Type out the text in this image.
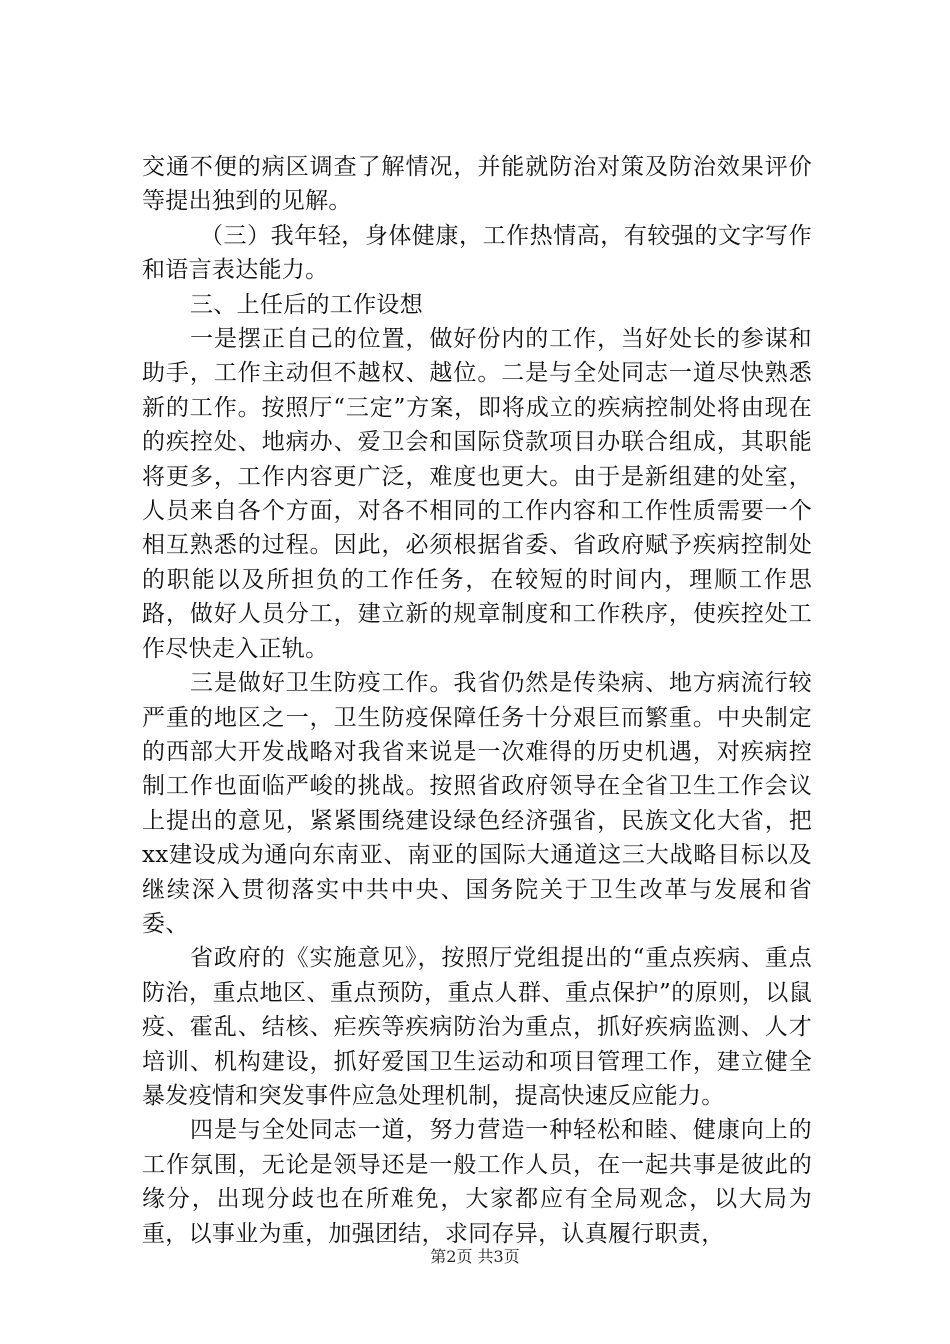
交通不便的病区调查了解情况，并能就防治对策及防治效果评价等提出独到的见解。

（三）我年轻，身体健康，工作热情高，有较强的文字写作和语言表达能力。

三、上任后的工作设想

一是摆正自己的位置，做好份内的工作，当好处长的参谋和助手，工作主动但不越权、越位。二是与全处同志一道尽快熟悉新的工作。按照厅“三定”方案，即将成立的疾病控制处将由现在的疾控处、地病办、爱卫会和国际贷款项目办联合组成，其职能将更多，工作内容更广泛，难度也更大。由于是新组建的处室，人员来自各个方面，对各不相同的工作内容和工作性质需要一个相互熟悉的过程。因此，必须根据省委、省政府赋予疾病控制处的职能以及所担负的工作任务，在较短的时间内，理顺工作思路，做好人员分工，建立新的规章制度和工作秩序，使疾控处工作尽快走入正轨。

三是做好卫生防疫工作。我省仍然是传染病、地方病流行较严重的地区之一，卫生防疫保障任务十分艰巨而繁重。中央制定的西部大开发战略对我省来说是一次难得的历史机遇，对疾病控制工作也面临严峻的挑战。按照省政府领导在全省卫生工作会议上提出的意见，紧紧围绕建设绿色经济强省，民族文化大省，把xx建设成为通向东南亚、南亚的国际大通道这三大战略目标以及继续深入贯彻落实中共中央、国务院关于卫生改革与发展和省委、

省政府的《实施意见》，按照厅党组提出的“重点疾病、重点防治，重点地区、重点预防，重点人群、重点保护”的原则，以鼠疫、霍乱、结核、疟疾等疾病防治为重点，抓好疾病监测、人才培训、机构建设，抓好爱国卫生运动和项目管理工作，建立健全暴发疫情和突发事件应急处理机制，提高快速反应能力。

四是与全处同志一道，努力营造一种轻松和睦、健康向上的工作氛围，无论是领导还是一般工作人员，在一起共事是彼此的缘分，出现分歧也在所难免，大家都应有全局观念，以大局为重，以事业为重，加强团结，求同存异，认真履行职责，

第2页 共3页
